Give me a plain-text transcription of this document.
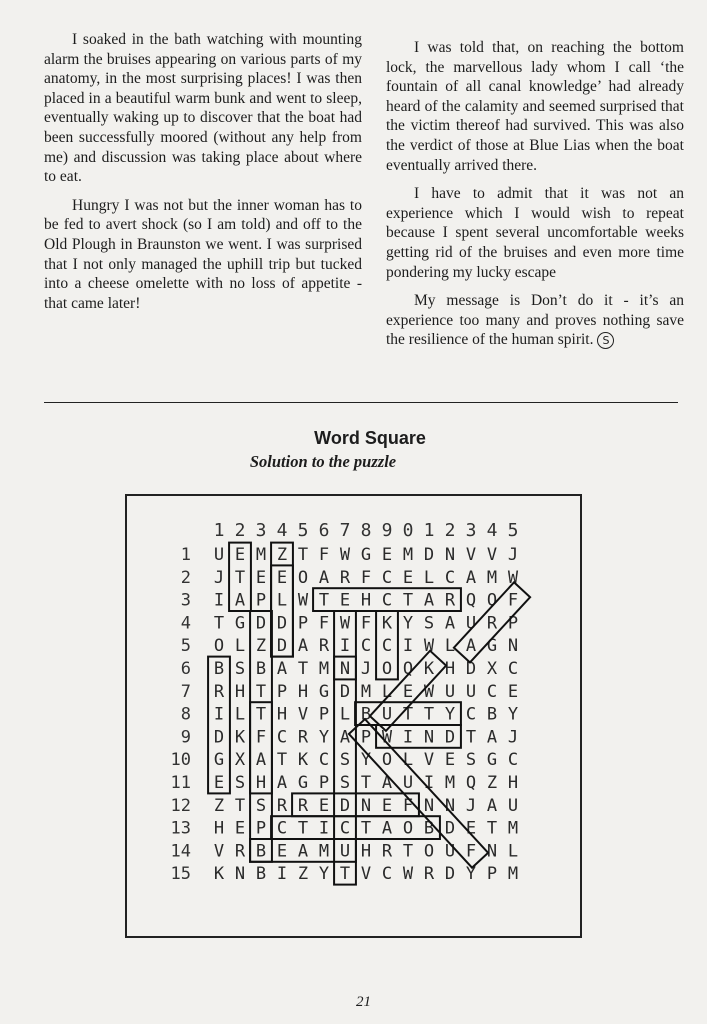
I soaked in the bath watching with mounting alarm the bruises appearing on various parts of my anatomy, in the most surprising places! I was then placed in a beautiful warm bunk and went to sleep, eventually waking up to discover that the boat had been successfully moored (without any help from me) and discussion was taking place about where to eat.

Hungry I was not but the inner woman has to be fed to avert shock (so I am told) and off to the Old Plough in Braunston we went. I was surprised that I not only managed the uphill trip but tucked into a cheese omelette with no loss of appetite - that came later!

I was told that, on reaching the bottom lock, the marvellous lady whom I call ‘the fountain of all canal knowledge’ had already heard of the calamity and seemed surprised that the victim thereof had survived. This was also the verdict of those at Blue Lias when the boat eventually arrived there.

I have to admit that it was not an experience which I would wish to repeat because I spent several uncomfortable weeks getting rid of the bruises and even more time pondering my lucky escape

My message is Don’t do it - it’s an experience too many and proves nothing save the resilience of the human spirit. S

Word Square
Solution to the puzzle
1 2 3 4 5 6 7 8 9 0 1 2 3 4 5
1
2
3
4
5
6
7
8
9
10
11
12
13
14
15
U E M Z T F W G E M D N V V J
J T E E O A R F C E L C A M W
I A P L W T E H C T A R Q O F
T G D D P F W F K Y S A U R P
O L Z D A R I C C I W L A G N
B S B A T M N J O Q K H D X C
R H T P H G D M L E W U U C E
I L T H V P L B U T T Y C B Y
D K F C R Y A P W I N D T A J
G X A T K C S Y O L V E S G C
E S H A G P S T A U I M Q Z H
Z T S R R E D N E F N N J A U
H E P C T I C T A O B D E T M
V R B E A M U H R T O U F N L
K N B I Z Y T V C W R D Y P M
21
